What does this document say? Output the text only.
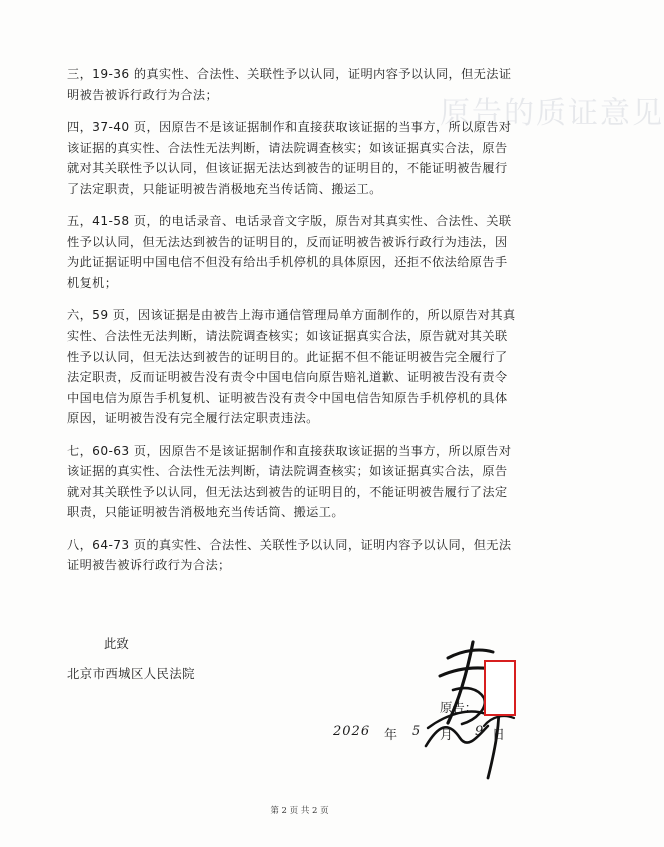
原告的质证意见

三，19-36 的真实性、合法性、关联性予以认同，证明内容予以认同，但无法证
明被告被诉行政行为合法；

四，37-40 页，因原告不是该证据制作和直接获取该证据的当事方，所以原告对
该证据的真实性、合法性无法判断，请法院调查核实；如该证据真实合法，原告
就对其关联性予以认同，但该证据无法达到被告的证明目的，不能证明被告履行
了法定职责，只能证明被告消极地充当传话筒、搬运工。

五，41-58 页，的电话录音、电话录音文字版，原告对其真实性、合法性、关联
性予以认同，但无法达到被告的证明目的，反而证明被告被诉行政行为违法，因
为此证据证明中国电信不但没有给出手机停机的具体原因，还拒不依法给原告手
机复机；

六，59 页，因该证据是由被告上海市通信管理局单方面制作的，所以原告对其真
实性、合法性无法判断，请法院调查核实；如该证据真实合法，原告就对其关联
性予以认同，但无法达到被告的证明目的。此证据不但不能证明被告完全履行了
法定职责，反而证明被告没有责令中国电信向原告赔礼道歉、证明被告没有责令
中国电信为原告手机复机、证明被告没有责令中国电信告知原告手机停机的具体
原因，证明被告没有完全履行法定职责违法。

七，60-63 页，因原告不是该证据制作和直接获取该证据的当事方，所以原告对
该证据的真实性、合法性无法判断，请法院调查核实；如该证据真实合法，原告
就对其关联性予以认同，但无法达到被告的证明目的，不能证明被告履行了法定
职责，只能证明被告消极地充当传话筒、搬运工。

八，64-73 页的真实性、合法性、关联性予以认同，证明内容予以认同，但无法
证明被告被诉行政行为合法；

此致
北京市西城区人民法院
原告：
2026 年 5 月 9 日
第 2 页 共 2 页
